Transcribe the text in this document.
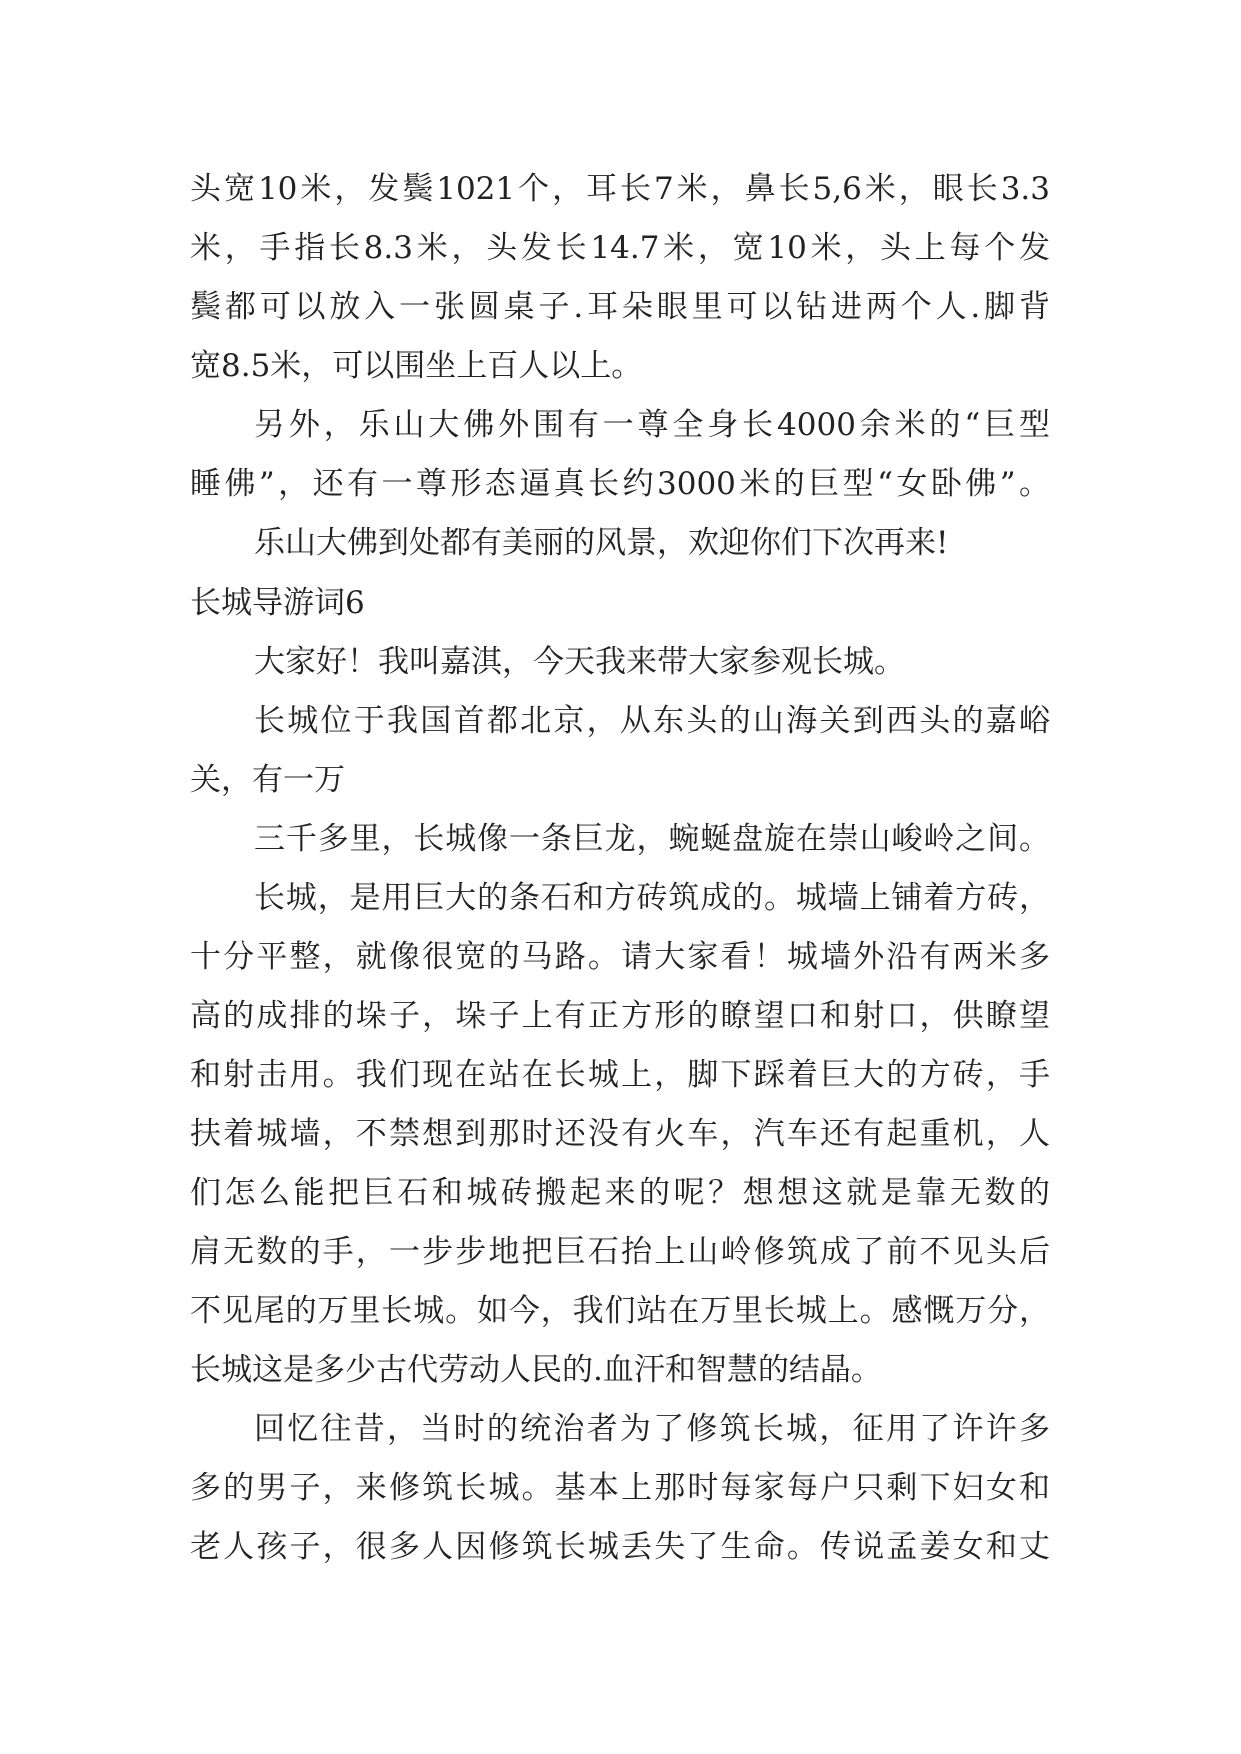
头宽10米，发鬓1021个，耳长7米，鼻长5,6米，眼长3.3
米，手指长8.3米，头发长14.7米，宽10米，头上每个发
鬓都可以放入一张圆桌子.耳朵眼里可以钻进两个人.脚背
宽8.5米，可以围坐上百人以上。
另外，乐山大佛外围有一尊全身长4000余米的“巨型
睡佛”，还有一尊形态逼真长约3000米的巨型“女卧佛”。
乐山大佛到处都有美丽的风景，欢迎你们下次再来!
长城导游词6
大家好！我叫嘉淇，今天我来带大家参观长城。
长城位于我国首都北京，从东头的山海关到西头的嘉峪
关，有一万
三千多里，长城像一条巨龙，蜿蜒盘旋在崇山峻岭之间。
长城，是用巨大的条石和方砖筑成的。城墙上铺着方砖，
十分平整，就像很宽的马路。请大家看！城墙外沿有两米多
高的成排的垛子，垛子上有正方形的瞭望口和射口，供瞭望
和射击用。我们现在站在长城上，脚下踩着巨大的方砖，手
扶着城墙，不禁想到那时还没有火车，汽车还有起重机，人
们怎么能把巨石和城砖搬起来的呢？想想这就是靠无数的
肩无数的手，一步步地把巨石抬上山岭修筑成了前不见头后
不见尾的万里长城。如今，我们站在万里长城上。感慨万分，
长城这是多少古代劳动人民的.血汗和智慧的结晶。
回忆往昔，当时的统治者为了修筑长城，征用了许许多
多的男子，来修筑长城。基本上那时每家每户只剩下妇女和
老人孩子，很多人因修筑长城丢失了生命。传说孟姜女和丈
